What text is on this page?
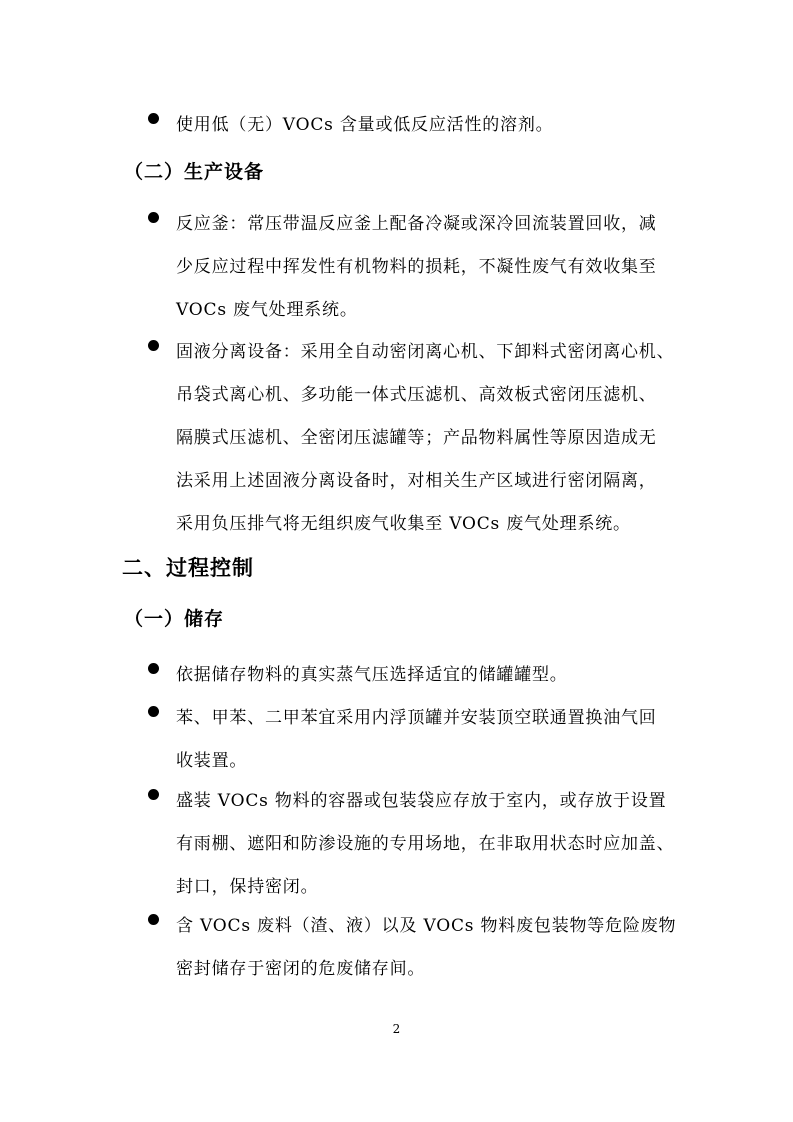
使用低（无）VOCs 含量或低反应活性的溶剂。
（二）生产设备
反应釜：常压带温反应釜上配备冷凝或深冷回流装置回收，减
少反应过程中挥发性有机物料的损耗，不凝性废气有效收集至
VOCs 废气处理系统。
固液分离设备：采用全自动密闭离心机、下卸料式密闭离心机、
吊袋式离心机、多功能一体式压滤机、高效板式密闭压滤机、
隔膜式压滤机、全密闭压滤罐等；产品物料属性等原因造成无
法采用上述固液分离设备时，对相关生产区域进行密闭隔离，
采用负压排气将无组织废气收集至 VOCs 废气处理系统。
二、过程控制
（一）储存
依据储存物料的真实蒸气压选择适宜的储罐罐型。
苯、甲苯、二甲苯宜采用内浮顶罐并安装顶空联通置换油气回
收装置。
盛装 VOCs 物料的容器或包装袋应存放于室内，或存放于设置
有雨棚、遮阳和防渗设施的专用场地，在非取用状态时应加盖、
封口，保持密闭。
含 VOCs 废料（渣、液）以及 VOCs 物料废包装物等危险废物
密封储存于密闭的危废储存间。
2
